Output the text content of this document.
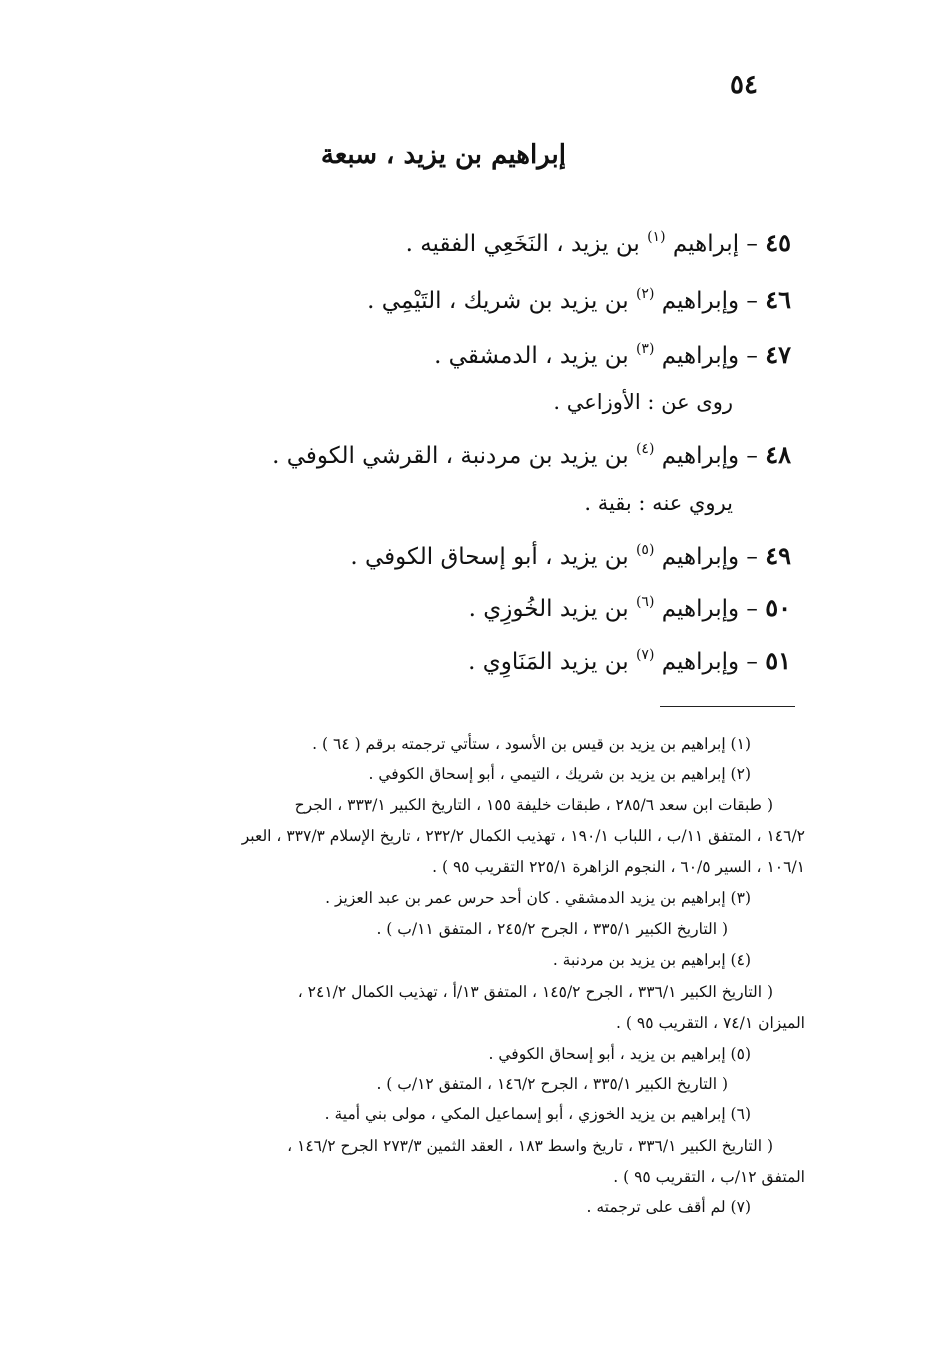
٥٤
إبراهيم بن يزيد ، سبعة
٤٥ – إبراهيم $^{(١)}$ بن يزيد ، النَخَعِي الفقيه .
٤٦ – وإبراهيم $^{(٢)}$ بن يزيد بن شريك ، التَيْمِي .
٤٧ – وإبراهيم $^{(٣)}$ بن يزيد ، الدمشقي .
روى عن : الأوزاعي .
٤٨ – وإبراهيم $^{(٤)}$ بن يزيد بن مردنبة ، القرشي الكوفي .
يروي عنه : بقية .
٤٩ – وإبراهيم $^{(٥)}$ بن يزيد ، أبو إسحاق الكوفي .
٥٠ – وإبراهيم $^{(٦)}$ بن يزيد الخُوزِي .
٥١ – وإبراهيم $^{(٧)}$ بن يزيد المَنَاوِي .
(١) إبراهيم بن يزيد بن قيس بن الأسود ، ستأتي ترجمته برقم ( ٦٤ ) .
(٢) إبراهيم بن يزيد بن شريك ، التيمي ، أبو إسحاق الكوفي .
( طبقات ابن سعد ٢٨٥/٦ ، طبقات خليفة ١٥٥ ، التاريخ الكبير ٣٣٣/١ ، الجرح
١٤٦/٢ ، المتفق ١١/ب ، اللباب ١٩٠/١ ، تهذيب الكمال ٢٣٢/٢ ، تاريخ الإسلام ٣٣٧/٣ ، العبر
١٠٦/١ ، السير ٦٠/٥ ، النجوم الزاهرة ٢٢٥/١ التقريب ٩٥ ) .
(٣) إبراهيم بن يزيد الدمشقي . كان أحد حرس عمر بن عبد العزيز .
( التاريخ الكبير ٣٣٥/١ ، الجرح ٢٤٥/٢ ، المتفق ١١/ب ) .
(٤) إبراهيم بن يزيد بن مردنبة .
( التاريخ الكبير ٣٣٦/١ ، الجرح ١٤٥/٢ ، المتفق ١٣/أ ، تهذيب الكمال ٢٤١/٢ ،
الميزان ٧٤/١ ، التقريب ٩٥ ) .
(٥) إبراهيم بن يزيد ، أبو إسحاق الكوفي .
( التاريخ الكبير ٣٣٥/١ ، الجرح ١٤٦/٢ ، المتفق ١٢/ب ) .
(٦) إبراهيم بن يزيد الخوزي ، أبو إسماعيل المكي ، مولى بني أمية .
( التاريخ الكبير ٣٣٦/١ ، تاريخ واسط ١٨٣ ، العقد الثمين ٢٧٣/٣ الجرح ١٤٦/٢ ،
المتفق ١٢/ب ، التقريب ٩٥ ) .
(٧) لم أقف على ترجمته .
